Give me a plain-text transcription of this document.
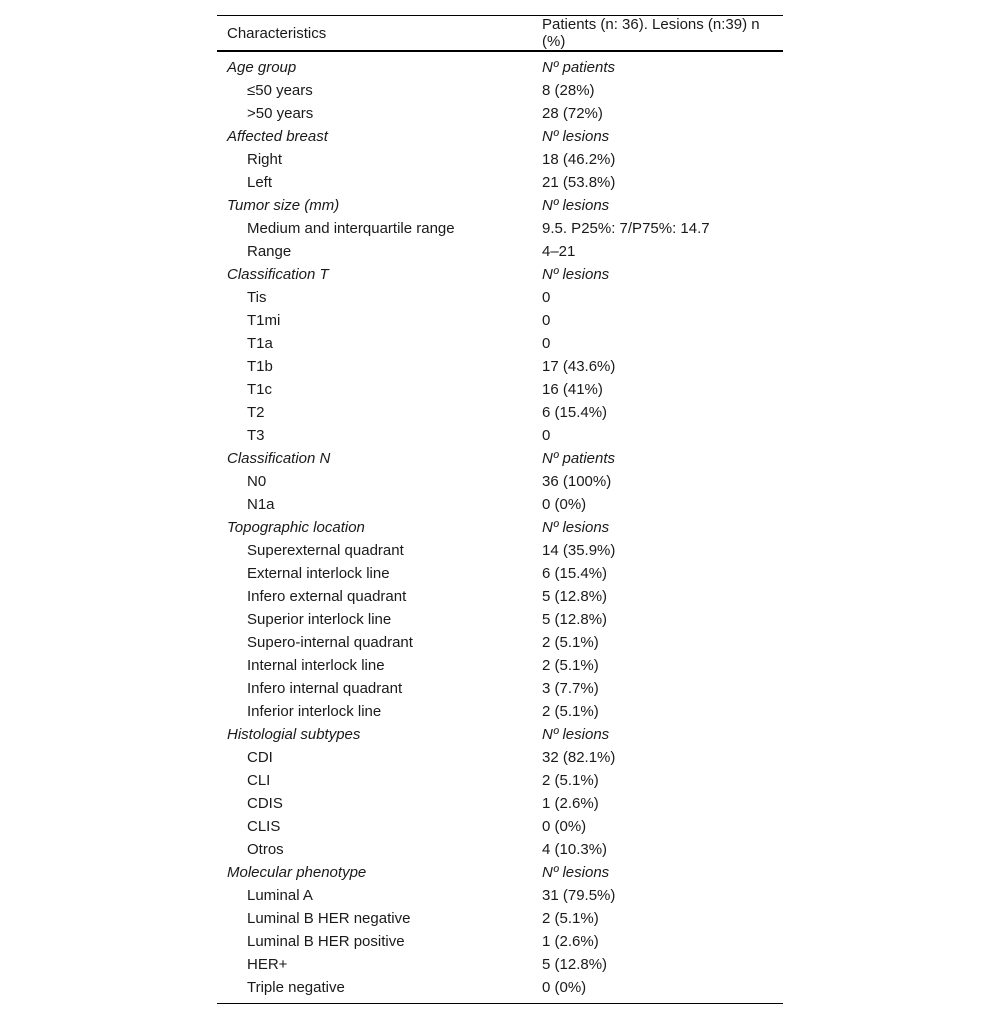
Characteristics	Patients (n: 36). Lesions (n:39) n (%)
Age group	Nº patients
≤50 years	8 (28%)
>50 years	28 (72%)
Affected breast	Nº lesions
Right	18 (46.2%)
Left	21 (53.8%)
Tumor size (mm)	Nº lesions
Medium and interquartile range	9.5. P25%: 7/P75%: 14.7
Range	4–21
Classification T	Nº lesions
Tis	0
T1mi	0
T1a	0
T1b	17 (43.6%)
T1c	16 (41%)
T2	6 (15.4%)
T3	0
Classification N	Nº patients
N0	36 (100%)
N1a	0 (0%)
Topographic location	Nº lesions
Superexternal quadrant	14 (35.9%)
External interlock line	6 (15.4%)
Infero external quadrant	5 (12.8%)
Superior interlock line	5 (12.8%)
Supero-internal quadrant	2 (5.1%)
Internal interlock line	2 (5.1%)
Infero internal quadrant	3 (7.7%)
Inferior interlock line	2 (5.1%)
Histologial subtypes	Nº lesions
CDI	32 (82.1%)
CLI	2 (5.1%)
CDIS	1 (2.6%)
CLIS	0 (0%)
Otros	4 (10.3%)
Molecular phenotype	Nº lesions
Luminal A	31 (79.5%)
Luminal B HER negative	2 (5.1%)
Luminal B HER positive	1 (2.6%)
HER+	5 (12.8%)
Triple negative	0 (0%)
